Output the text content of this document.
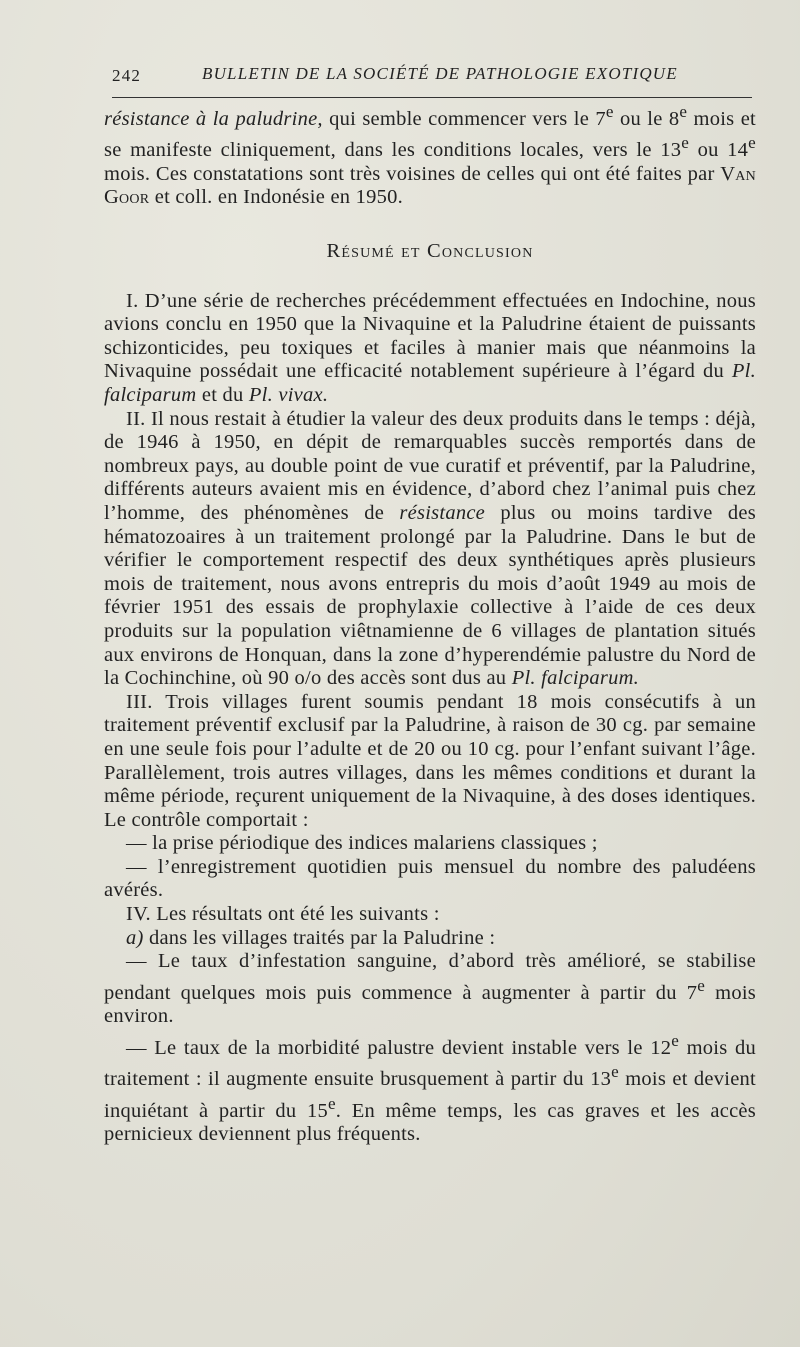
242	BULLETIN DE LA SOCIÉTÉ DE PATHOLOGIE EXOTIQUE

résistance à la paludrine, qui semble commencer vers le 7e ou le 8e mois et se manifeste cliniquement, dans les conditions locales, vers le 13e ou 14e mois. Ces constatations sont très voisines de celles qui ont été faites par Van Goor et coll. en Indonésie en 1950.

Résumé et Conclusion

I. D’une série de recherches précédemment effectuées en Indochine, nous avions conclu en 1950 que la Nivaquine et la Paludrine étaient de puissants schizonticides, peu toxiques et faciles à manier mais que néanmoins la Nivaquine possédait une efficacité notablement supérieure à l’égard du Pl. falciparum et du Pl. vivax.

II. Il nous restait à étudier la valeur des deux produits dans le temps : déjà, de 1946 à 1950, en dépit de remarquables succès remportés dans de nombreux pays, au double point de vue curatif et préventif, par la Paludrine, différents auteurs avaient mis en évidence, d’abord chez l’animal puis chez l’homme, des phénomènes de résistance plus ou moins tardive des hématozoaires à un traitement prolongé par la Paludrine. Dans le but de vérifier le comportement respectif des deux synthétiques après plusieurs mois de traitement, nous avons entrepris du mois d’août 1949 au mois de février 1951 des essais de prophylaxie collective à l’aide de ces deux produits sur la population viêtnamienne de 6 villages de plantation situés aux environs de Honquan, dans la zone d’hyperendémie palustre du Nord de la Cochinchine, où 90 o/o des accès sont dus au Pl. falciparum.

III. Trois villages furent soumis pendant 18 mois consécutifs à un traitement préventif exclusif par la Paludrine, à raison de 30 cg. par semaine en une seule fois pour l’adulte et de 20 ou 10 cg. pour l’enfant suivant l’âge. Parallèlement, trois autres villages, dans les mêmes conditions et durant la même période, reçurent uniquement de la Nivaquine, à des doses identiques. Le contrôle comportait :

— la prise périodique des indices malariens classiques ;

— l’enregistrement quotidien puis mensuel du nombre des paludéens avérés.

IV. Les résultats ont été les suivants :

a) dans les villages traités par la Paludrine :

— Le taux d’infestation sanguine, d’abord très amélioré, se stabilise pendant quelques mois puis commence à augmenter à partir du 7e mois environ.

— Le taux de la morbidité palustre devient instable vers le 12e mois du traitement : il augmente ensuite brusquement à partir du 13e mois et devient inquiétant à partir du 15e. En même temps, les cas graves et les accès pernicieux deviennent plus fréquents.
